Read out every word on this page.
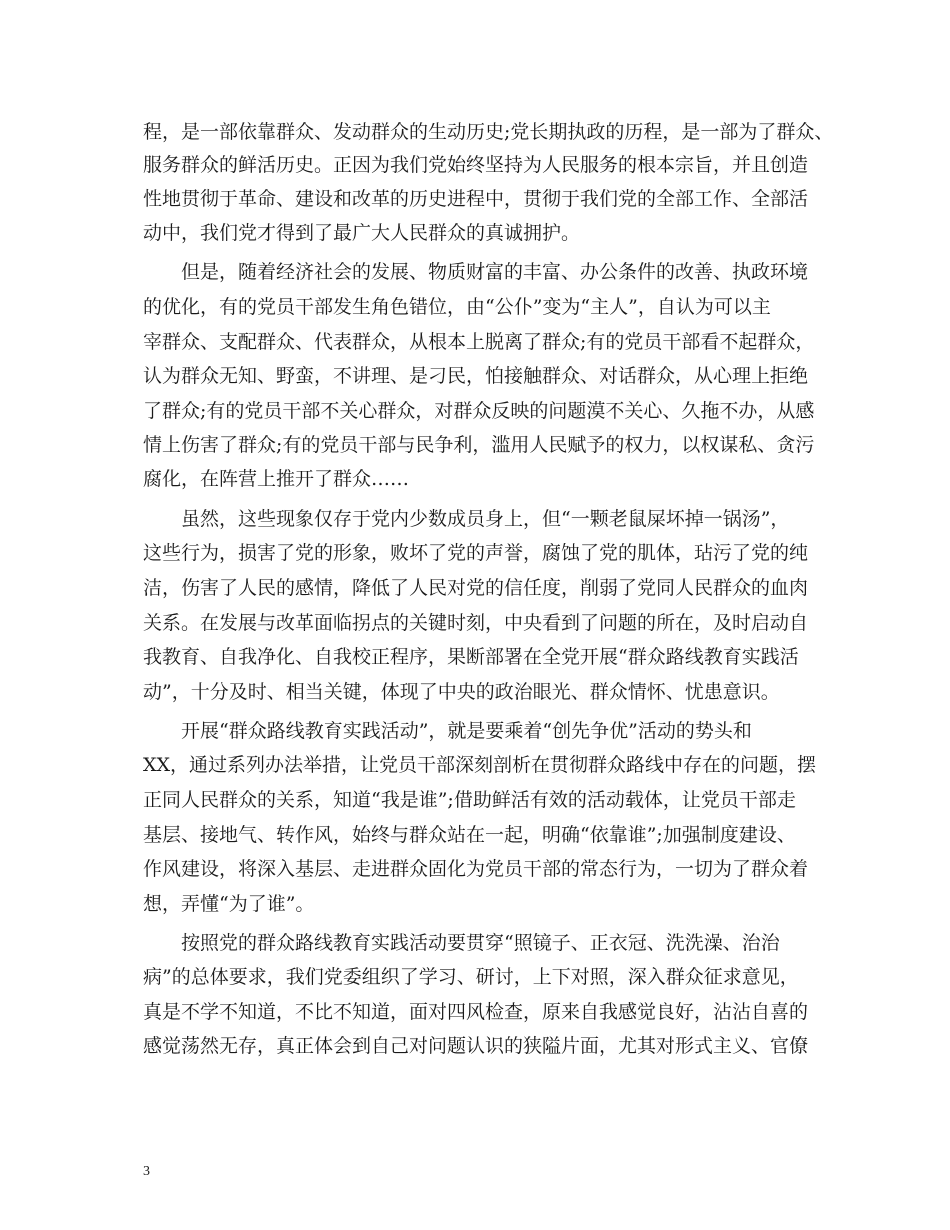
程，是一部依靠群众、发动群众的生动历史;党长期执政的历程，是一部为了群众、
服务群众的鲜活历史。正因为我们党始终坚持为人民服务的根本宗旨，并且创造
性地贯彻于革命、建设和改革的历史进程中，贯彻于我们党的全部工作、全部活
动中，我们党才得到了最广大人民群众的真诚拥护。
但是，随着经济社会的发展、物质财富的丰富、办公条件的改善、执政环境
的优化，有的党员干部发生角色错位，由“公仆”变为“主人”，自认为可以主
宰群众、支配群众、代表群众，从根本上脱离了群众;有的党员干部看不起群众，
认为群众无知、野蛮，不讲理、是刁民，怕接触群众、对话群众，从心理上拒绝
了群众;有的党员干部不关心群众，对群众反映的问题漠不关心、久拖不办，从感
情上伤害了群众;有的党员干部与民争利，滥用人民赋予的权力，以权谋私、贪污
腐化，在阵营上推开了群众……
虽然，这些现象仅存于党内少数成员身上，但“一颗老鼠屎坏掉一锅汤”，
这些行为，损害了党的形象，败坏了党的声誉，腐蚀了党的肌体，玷污了党的纯
洁，伤害了人民的感情，降低了人民对党的信任度，削弱了党同人民群众的血肉
关系。在发展与改革面临拐点的关键时刻，中央看到了问题的所在，及时启动自
我教育、自我净化、自我校正程序，果断部署在全党开展“群众路线教育实践活
动”，十分及时、相当关键，体现了中央的政治眼光、群众情怀、忧患意识。
开展“群众路线教育实践活动”，就是要乘着“创先争优”活动的势头和
XX，通过系列办法举措，让党员干部深刻剖析在贯彻群众路线中存在的问题，摆
正同人民群众的关系，知道“我是谁”;借助鲜活有效的活动载体，让党员干部走
基层、接地气、转作风，始终与群众站在一起，明确“依靠谁”;加强制度建设、
作风建设，将深入基层、走进群众固化为党员干部的常态行为，一切为了群众着
想，弄懂“为了谁”。
按照党的群众路线教育实践活动要贯穿“照镜子、正衣冠、洗洗澡、治治
病”的总体要求，我们党委组织了学习、研讨，上下对照，深入群众征求意见，
真是不学不知道，不比不知道，面对四风检查，原来自我感觉良好，沾沾自喜的
感觉荡然无存，真正体会到自己对问题认识的狭隘片面，尤其对形式主义、官僚
3
